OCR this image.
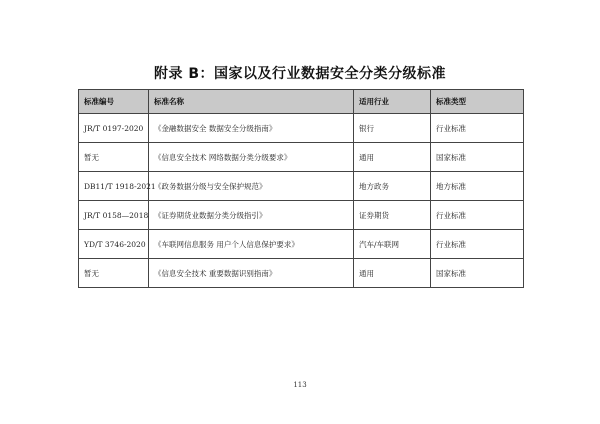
附录 B：国家以及行业数据安全分类分级标准
标准编号	标准名称	适用行业	标准类型
JR/T 0197-2020	《金融数据安全 数据安全分级指南》	银行	行业标准
暂无	《信息安全技术 网络数据分类分级要求》	通用	国家标准
DB11/T 1918-2021	《政务数据分级与安全保护规范》	地方政务	地方标准
JR/T 0158—2018	《证券期货业数据分类分级指引》	证券期货	行业标准
YD/T 3746-2020	《车联网信息服务 用户个人信息保护要求》	汽车/车联网	行业标准
暂无	《信息安全技术 重要数据识别指南》	通用	国家标准
113
